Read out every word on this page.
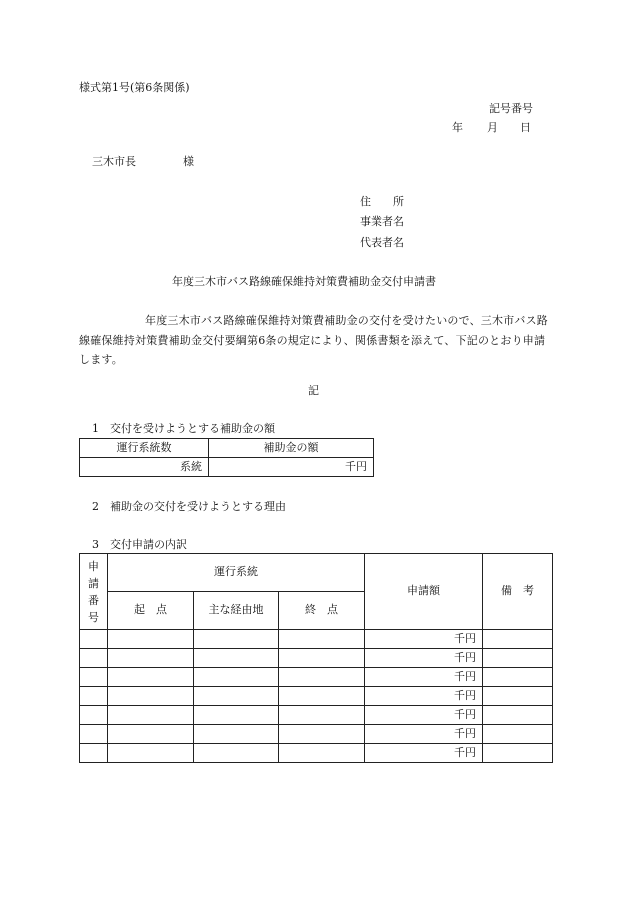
様式第1号(第6条関係)
記号番号
年 月 日
三木市長	様
住　　所
事業者名
代表者名
年度三木市バス路線確保維持対策費補助金交付申請書
年度三木市バス路線確保維持対策費補助金の交付を受けたいので、三木市バス路線確保維持対策費補助金交付要綱第6条の規定により、関係書類を添えて、下記のとおり申請します。
記
1　交付を受けようとする補助金の額
運行系統数	補助金の額
系統	千円
2　補助金の交付を受けようとする理由
3　交付申請の内訳
申
請
番
号	運行系統			申請額	備　考
	起　点	主な経由地	終　点		
				千円	
				千円	
				千円	
				千円	
				千円	
				千円	
				千円	
